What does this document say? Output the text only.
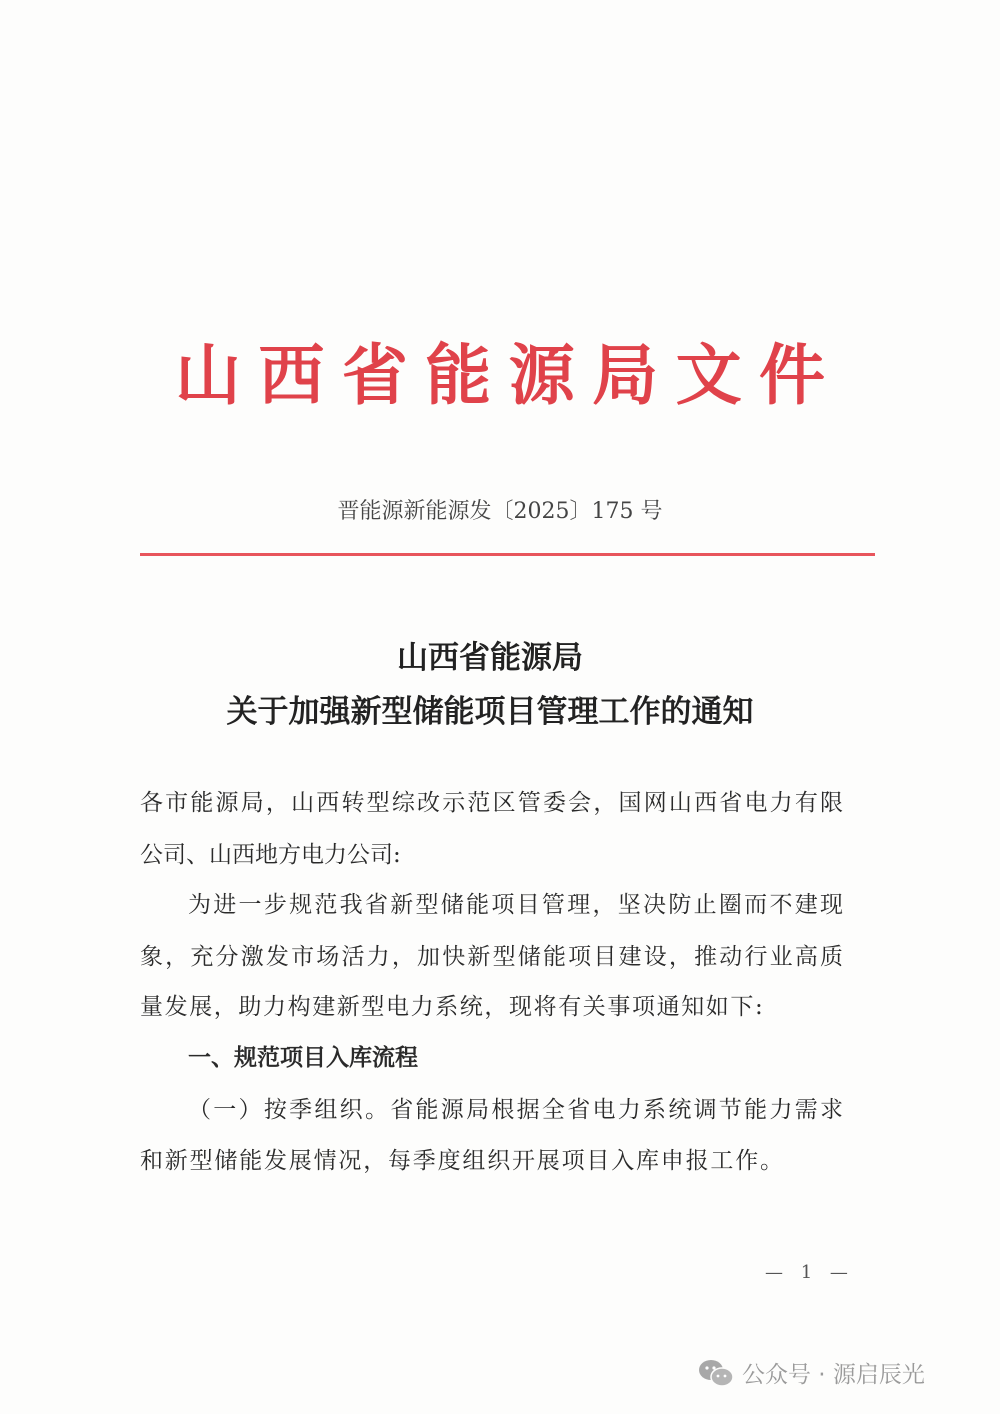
山西省能源局文件
晋能源新能源发〔2025〕175 号
山西省能源局
关于加强新型储能项目管理工作的通知
各市能源局，山西转型综改示范区管委会，国网山西省电力有限
公司、山西地方电力公司:
为进一步规范我省新型储能项目管理，坚决防止圈而不建现
象，充分激发市场活力，加快新型储能项目建设，推动行业高质
量发展，助力构建新型电力系统，现将有关事项通知如下:
一、规范项目入库流程
（一）按季组织。省能源局根据全省电力系统调节能力需求
和新型储能发展情况，每季度组织开展项目入库申报工作。
— 1 —
公众号 · 源启辰光
